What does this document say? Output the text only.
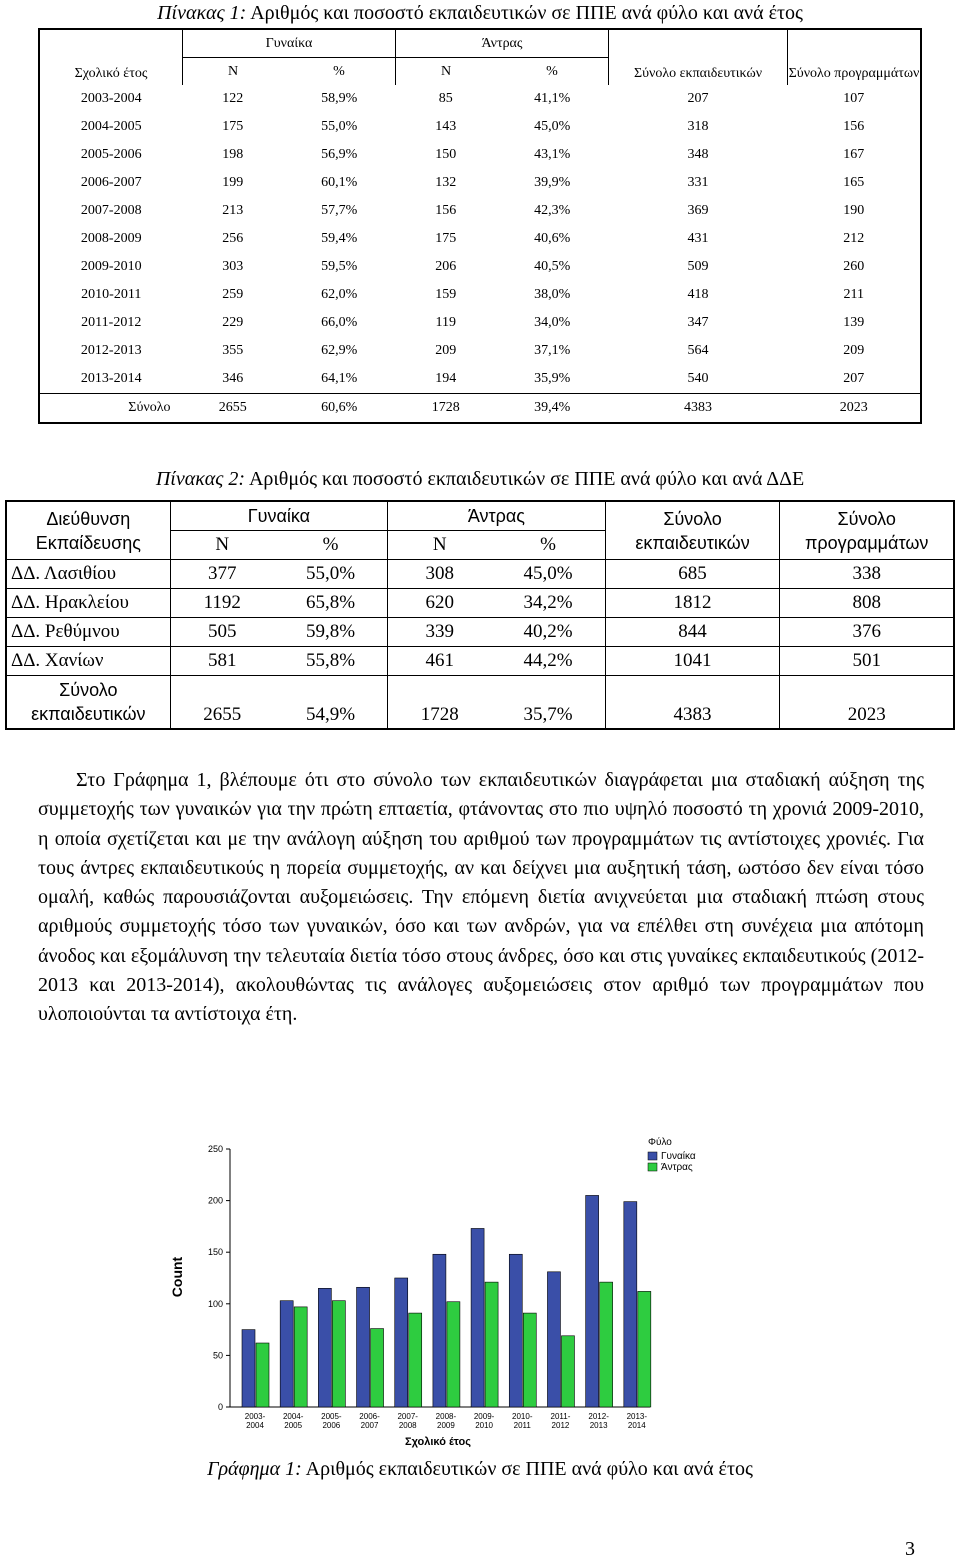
Πίνακας 1: Αριθμός και ποσοστό εκπαιδευτικών σε ΠΠΕ ανά φύλο και ανά έτος
Σχολικό έτος	Γυναίκα		Άντρας		Σύνολο εκπαιδευτικών	Σύνολο προγραμμάτων
	N	%	N	%		
2003-2004	122	58,9%	85	41,1%	207	107
2004-2005	175	55,0%	143	45,0%	318	156
2005-2006	198	56,9%	150	43,1%	348	167
2006-2007	199	60,1%	132	39,9%	331	165
2007-2008	213	57,7%	156	42,3%	369	190
2008-2009	256	59,4%	175	40,6%	431	212
2009-2010	303	59,5%	206	40,5%	509	260
2010-2011	259	62,0%	159	38,0%	418	211
2011-2012	229	66,0%	119	34,0%	347	139
2012-2013	355	62,9%	209	37,1%	564	209
2013-2014	346	64,1%	194	35,9%	540	207
Σύνολο	2655	60,6%	1728	39,4%	4383	2023
Πίνακας 2: Αριθμός και ποσοστό εκπαιδευτικών σε ΠΠΕ ανά φύλο και ανά ΔΔΕ
Διεύθυνση Εκπαίδευσης	Γυναίκα		Άντρας		Σύνολο εκπαιδευτικών	Σύνολο προγραμμάτων
	N	%	N	%		
ΔΔ. Λασιθίου	377	55,0%	308	45,0%	685	338
ΔΔ. Ηρακλείου	1192	65,8%	620	34,2%	1812	808
ΔΔ. Ρεθύμνου	505	59,8%	339	40,2%	844	376
ΔΔ. Χανίων	581	55,8%	461	44,2%	1041	501
Σύνολο εκπαιδευτικών	2655	54,9%	1728	35,7%	4383	2023

Στο Γράφημα 1, βλέπουμε ότι στο σύνολο των εκπαιδευτικών διαγράφεται μια σταδιακή αύξηση της συμμετοχής των γυναικών για την πρώτη επταετία, φτάνοντας στο πιο υψηλό ποσοστό τη χρονιά 2009-2010, η οποία σχετίζεται και με την ανάλογη αύξηση του αριθμού των προγραμμάτων τις αντίστοιχες χρονιές. Για τους άντρες εκπαιδευτικούς η πορεία συμμετοχής, αν και δείχνει μια αυξητική τάση, ωστόσο δεν είναι τόσο ομαλή, καθώς παρουσιάζονται αυξομειώσεις. Την επόμενη διετία ανιχνεύεται μια σταδιακή πτώση στους αριθμούς συμμετοχής τόσο των γυναικών, όσο και των ανδρών, για να επέλθει στη συνέχεια μια απότομη άνοδος και εξομάλυνση την τελευταία διετία τόσο στους άνδρες, όσο και στις γυναίκες εκπαιδευτικούς (2012-2013 και 2013-2014), ακολουθώντας τις ανάλογες αυξομειώσεις στον αριθμό των προγραμμάτων που υλοποιούνται τα αντίστοιχα έτη.

2003-
2004
2004-
2005
2005-
2006
2006-
2007
2007-
2008
2008-
2009
2009-
2010
2010-
2011
2011-
2012
2012-
2013
2013-
2014
0
50
100
150
200
250
Count
Σχολικό έτος
Φύλο
Γυναίκα
Άντρας
Γράφημα 1: Αριθμός εκπαιδευτικών σε ΠΠΕ ανά φύλο και ανά έτος
3
